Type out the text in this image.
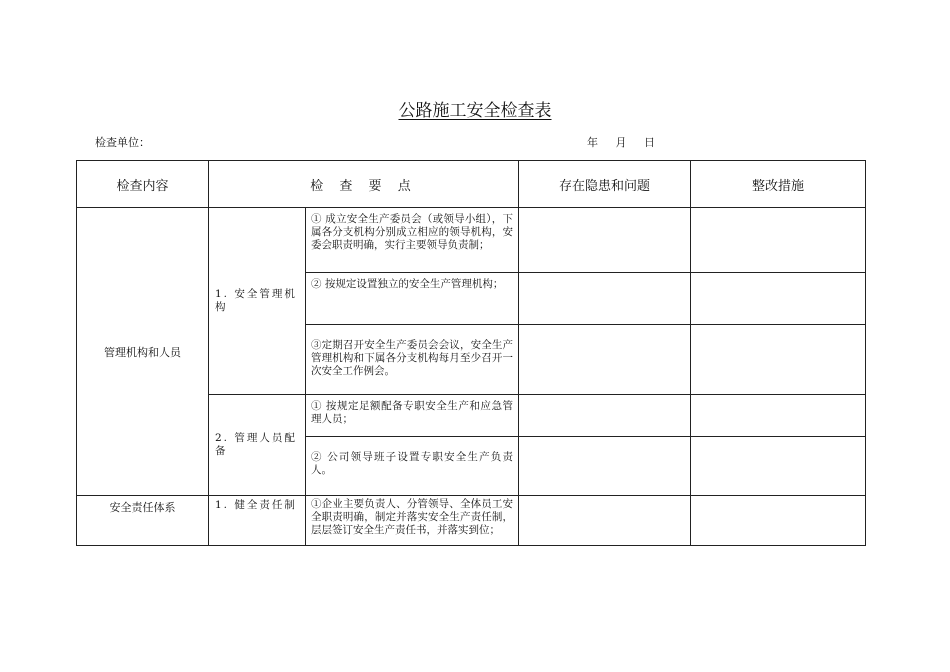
公路施工安全检查表
检查单位：	年 月 日
检查内容	检 查 要 点		存在隐患和问题	整改措施
管理机构和人员	1. 安全管理机构	① 成立安全生产委员会（或领导小组），下属各分支机构分别成立相应的领导机构，安委会职责明确，实行主要领导负责制；		
		② 按规定设置独立的安全生产管理机构；		
		③定期召开安全生产委员会会议，安全生产管理机构和下属各分支机构每月至少召开一次安全工作例会。		
	2. 管理人员配备	① 按规定足额配备专职安全生产和应急管理人员；		
		② 公司领导班子设置专职安全生产负责人。		
安全责任体系	1. 健全责任制	①企业主要负责人、分管领导、全体员工安全职责明确，制定并落实安全生产责任制，层层签订安全生产责任书，并落实到位；		
